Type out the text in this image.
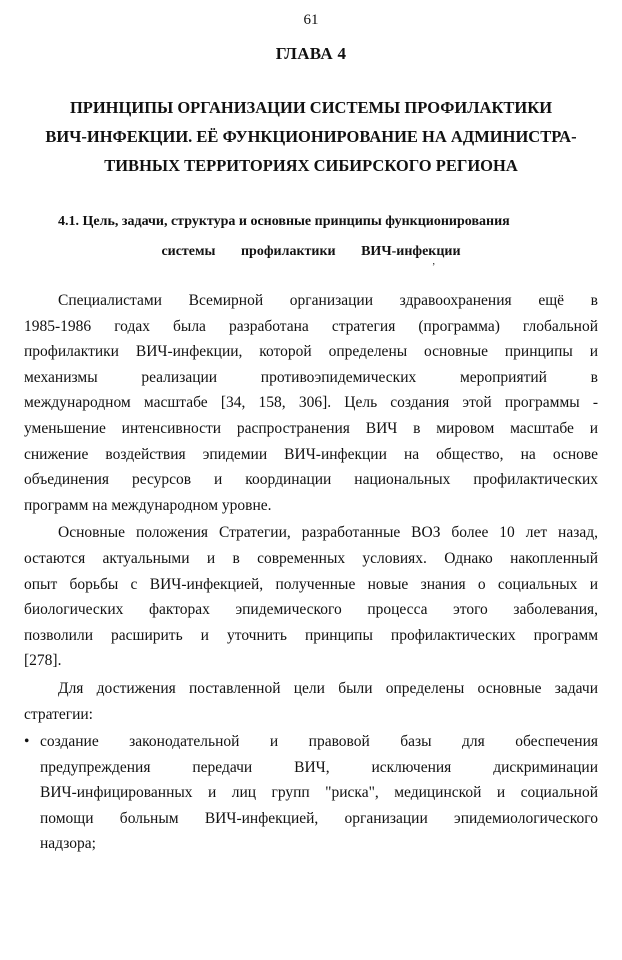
61
ГЛАВА 4
ПРИНЦИПЫ ОРГАНИЗАЦИИ СИСТЕМЫ ПРОФИЛАКТИКИ
ВИЧ-ИНФЕКЦИИ. ЕЁ ФУНКЦИОНИРОВАНИЕ НА АДМИНИСТРА-
ТИВНЫХ ТЕРРИТОРИЯХ СИБИРСКОГО РЕГИОНА
4.1. Цель, задачи, структура и основные принципы функционирования
системы профилактики ВИЧ-инфекции
ʼ
Специалистами Всемирной организации здравоохранения ещё в
1985-1986 годах была разработана стратегия (программа) глобальной
профилактики ВИЧ-инфекции, которой определены основные принципы и
механизмы реализации противоэпидемических мероприятий в
международном масштабе [34, 158, 306]. Цель создания этой программы -
уменьшение интенсивности распространения ВИЧ в мировом масштабе и
снижение воздействия эпидемии ВИЧ-инфекции на общество, на основе
объединения ресурсов и координации национальных профилактических
программ на международном уровне.
Основные положения Стратегии, разработанные ВОЗ более 10 лет назад,
остаются актуальными и в современных условиях. Однако накопленный
опыт борьбы с ВИЧ-инфекцией, полученные новые знания о социальных и
биологических факторах эпидемического процесса этого заболевания,
позволили расширить и уточнить принципы профилактических программ
[278].
Для достижения поставленной цели были определены основные задачи
стратегии:
• создание законодательной и правовой базы для обеспечения
предупреждения передачи ВИЧ, исключения дискриминации
ВИЧ-инфицированных и лиц групп "риска", медицинской и социальной
помощи больным ВИЧ-инфекцией, организации эпидемиологического
надзора;
